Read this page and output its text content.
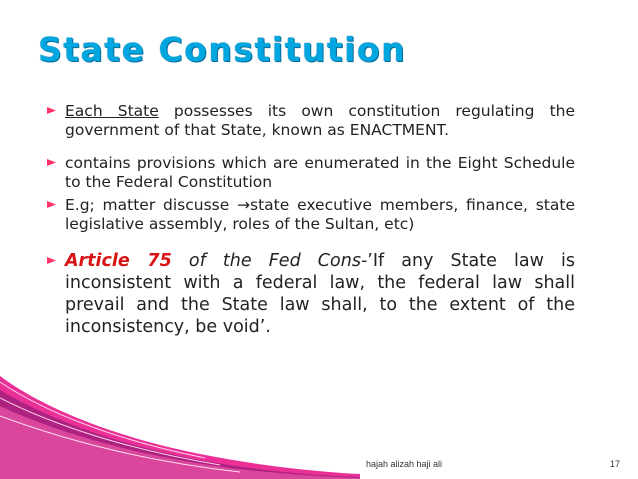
State Constitution
Each State possesses its own constitution regulating the government of that State, known as ENACTMENT.
contains provisions which are enumerated in the Eight Schedule to the Federal Constitution
E.g; matter discusse →state executive members, finance, state legislative assembly, roles of the Sultan, etc)
Article 75 of the Fed Cons-’If any State law is inconsistent with a federal law, the federal law shall prevail and the State law shall, to the extent of the inconsistency, be void’.
hajah alizah haji ali	17
